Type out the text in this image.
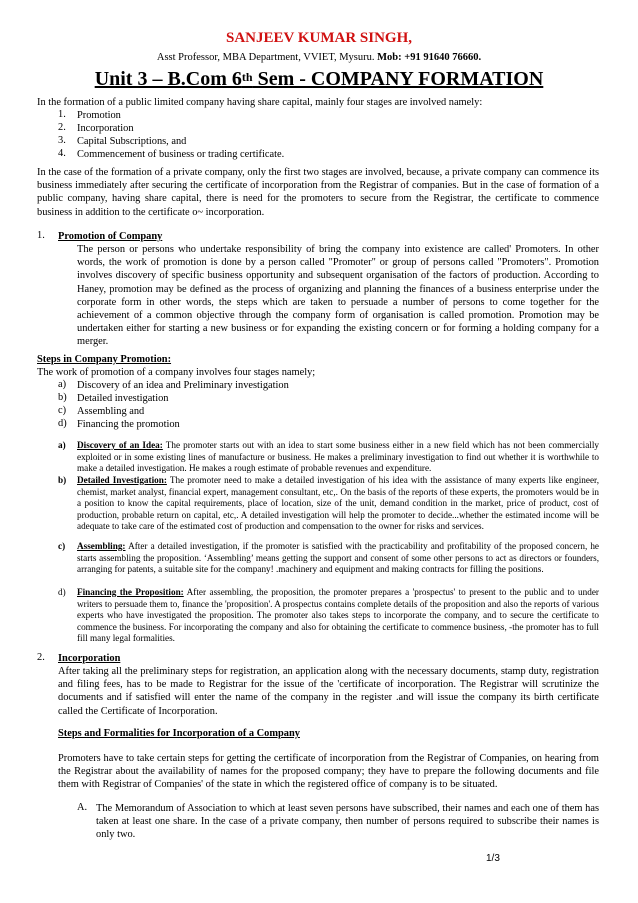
SANJEEV KUMAR SINGH,
Asst Professor, MBA Department, VVIET, Mysuru. Mob: +91 91640 76660.
Unit 3 – B.Com 6th Sem - COMPANY FORMATION
In the formation of a public limited company having share capital, mainly four stages are involved namely:
1. Promotion
2. Incorporation
3. Capital Subscriptions, and
4. Commencement of business or trading certificate.
In the case of the formation of a private company, only the first two stages are involved, because, a private company can commence its business immediately after securing the certificate of incorporation from the Registrar of companies. But in the case of formation of a public company, having share capital, there is need for the promoters to secure from the Registrar, the certificate to commence business in addition to the certificate o~ incorporation.
1. Promotion of Company
The person or persons who undertake responsibility of bring the company into existence are called' Promoters. In other words, the work of promotion is done by a person called "Promoter" or group of persons called "Promoters". Promotion involves discovery of specific business opportunity and subsequent organisation of the factors of production. According to Haney, promotion may be defined as the process of organizing and planning the finances of a business enterprise under the corporate form in other words, the steps which are taken to persuade a number of persons to come together for the achievement of a common objective through the company form of organisation is called promotion. Promotion may be undertaken either for starting a new business or for expanding the existing concern or for forming a holding company for a merger.
Steps in Company Promotion:
The work of promotion of a company involves four stages namely;
a) Discovery of an idea and Preliminary investigation
b) Detailed investigation
c) Assembling and
d) Financing the promotion
a) Discovery of an Idea: The promoter starts out with an idea to start some business either in a new field which has not been commercially exploited or in some existing lines of manufacture or business. He makes a preliminary investigation to find out whether it is worthwhile to make a detailed investigation. He makes a rough estimate of probable revenues and expenditure.
b) Detailed Investigation: The promoter need to make a detailed investigation of his idea with the assistance of many experts like engineer, chemist, market analyst, financial expert, management consultant, etc,. On the basis of the reports of these experts, the promoters would be in a position to know the capital requirements, place of location, size of the unit, demand condition in the market, price of product, cost of production, probable return on capital, etc,. A detailed investigation will help the promoter to decide...whether the estimated income will be adequate to take care of the estimated cost of production and compensation to the owner for risks and services.
c) Assembling: After a detailed investigation, if the promoter is satisfied with the practicability and profitability of the proposed concern, he starts assembling the proposition. ‘Assembling’ means getting the support and consent of some other persons to act as directors or founders, arranging for patents, a suitable site for the company! .machinery and equipment and making contracts for filling the positions.
d) Financing the Proposition: After assembling, the proposition, the promoter prepares a 'prospectus' to present to the public and to under writers to persuade them to, finance the 'proposition'. A prospectus contains complete details of the proposition and also the reports of various experts who have investigated the proposition. The promoter also takes steps to incorporate the company, and to secure the certificate to commence the business. For incorporating the company and also for obtaining the certificate to commence business, -the promoter has to full fill many legal formalities.
2. Incorporation
After taking all the preliminary steps for registration, an application along with the necessary documents, stamp duty, registration and filing fees, has to be made to Registrar for the issue of the 'certificate of incorporation. The Registrar will scrutinize the documents and if satisfied will enter the name of the company in the register .and will issue the company its birth certificate called the Certificate of Incorporation.
Steps and Formalities for Incorporation of a Company
Promoters have to take certain steps for getting the certificate of incorporation from the Registrar of Companies, on hearing from the Registrar about the availability of names for the proposed company; they have to prepare the following documents and file them with Registrar of Companies' of the state in which the registered office of company is to be situated.
A. The Memorandum of Association to which at least seven persons have subscribed, their names and each one of them has taken at least one share. In the case of a private company, then number of persons required to subscribe their names is only two.
1/3
